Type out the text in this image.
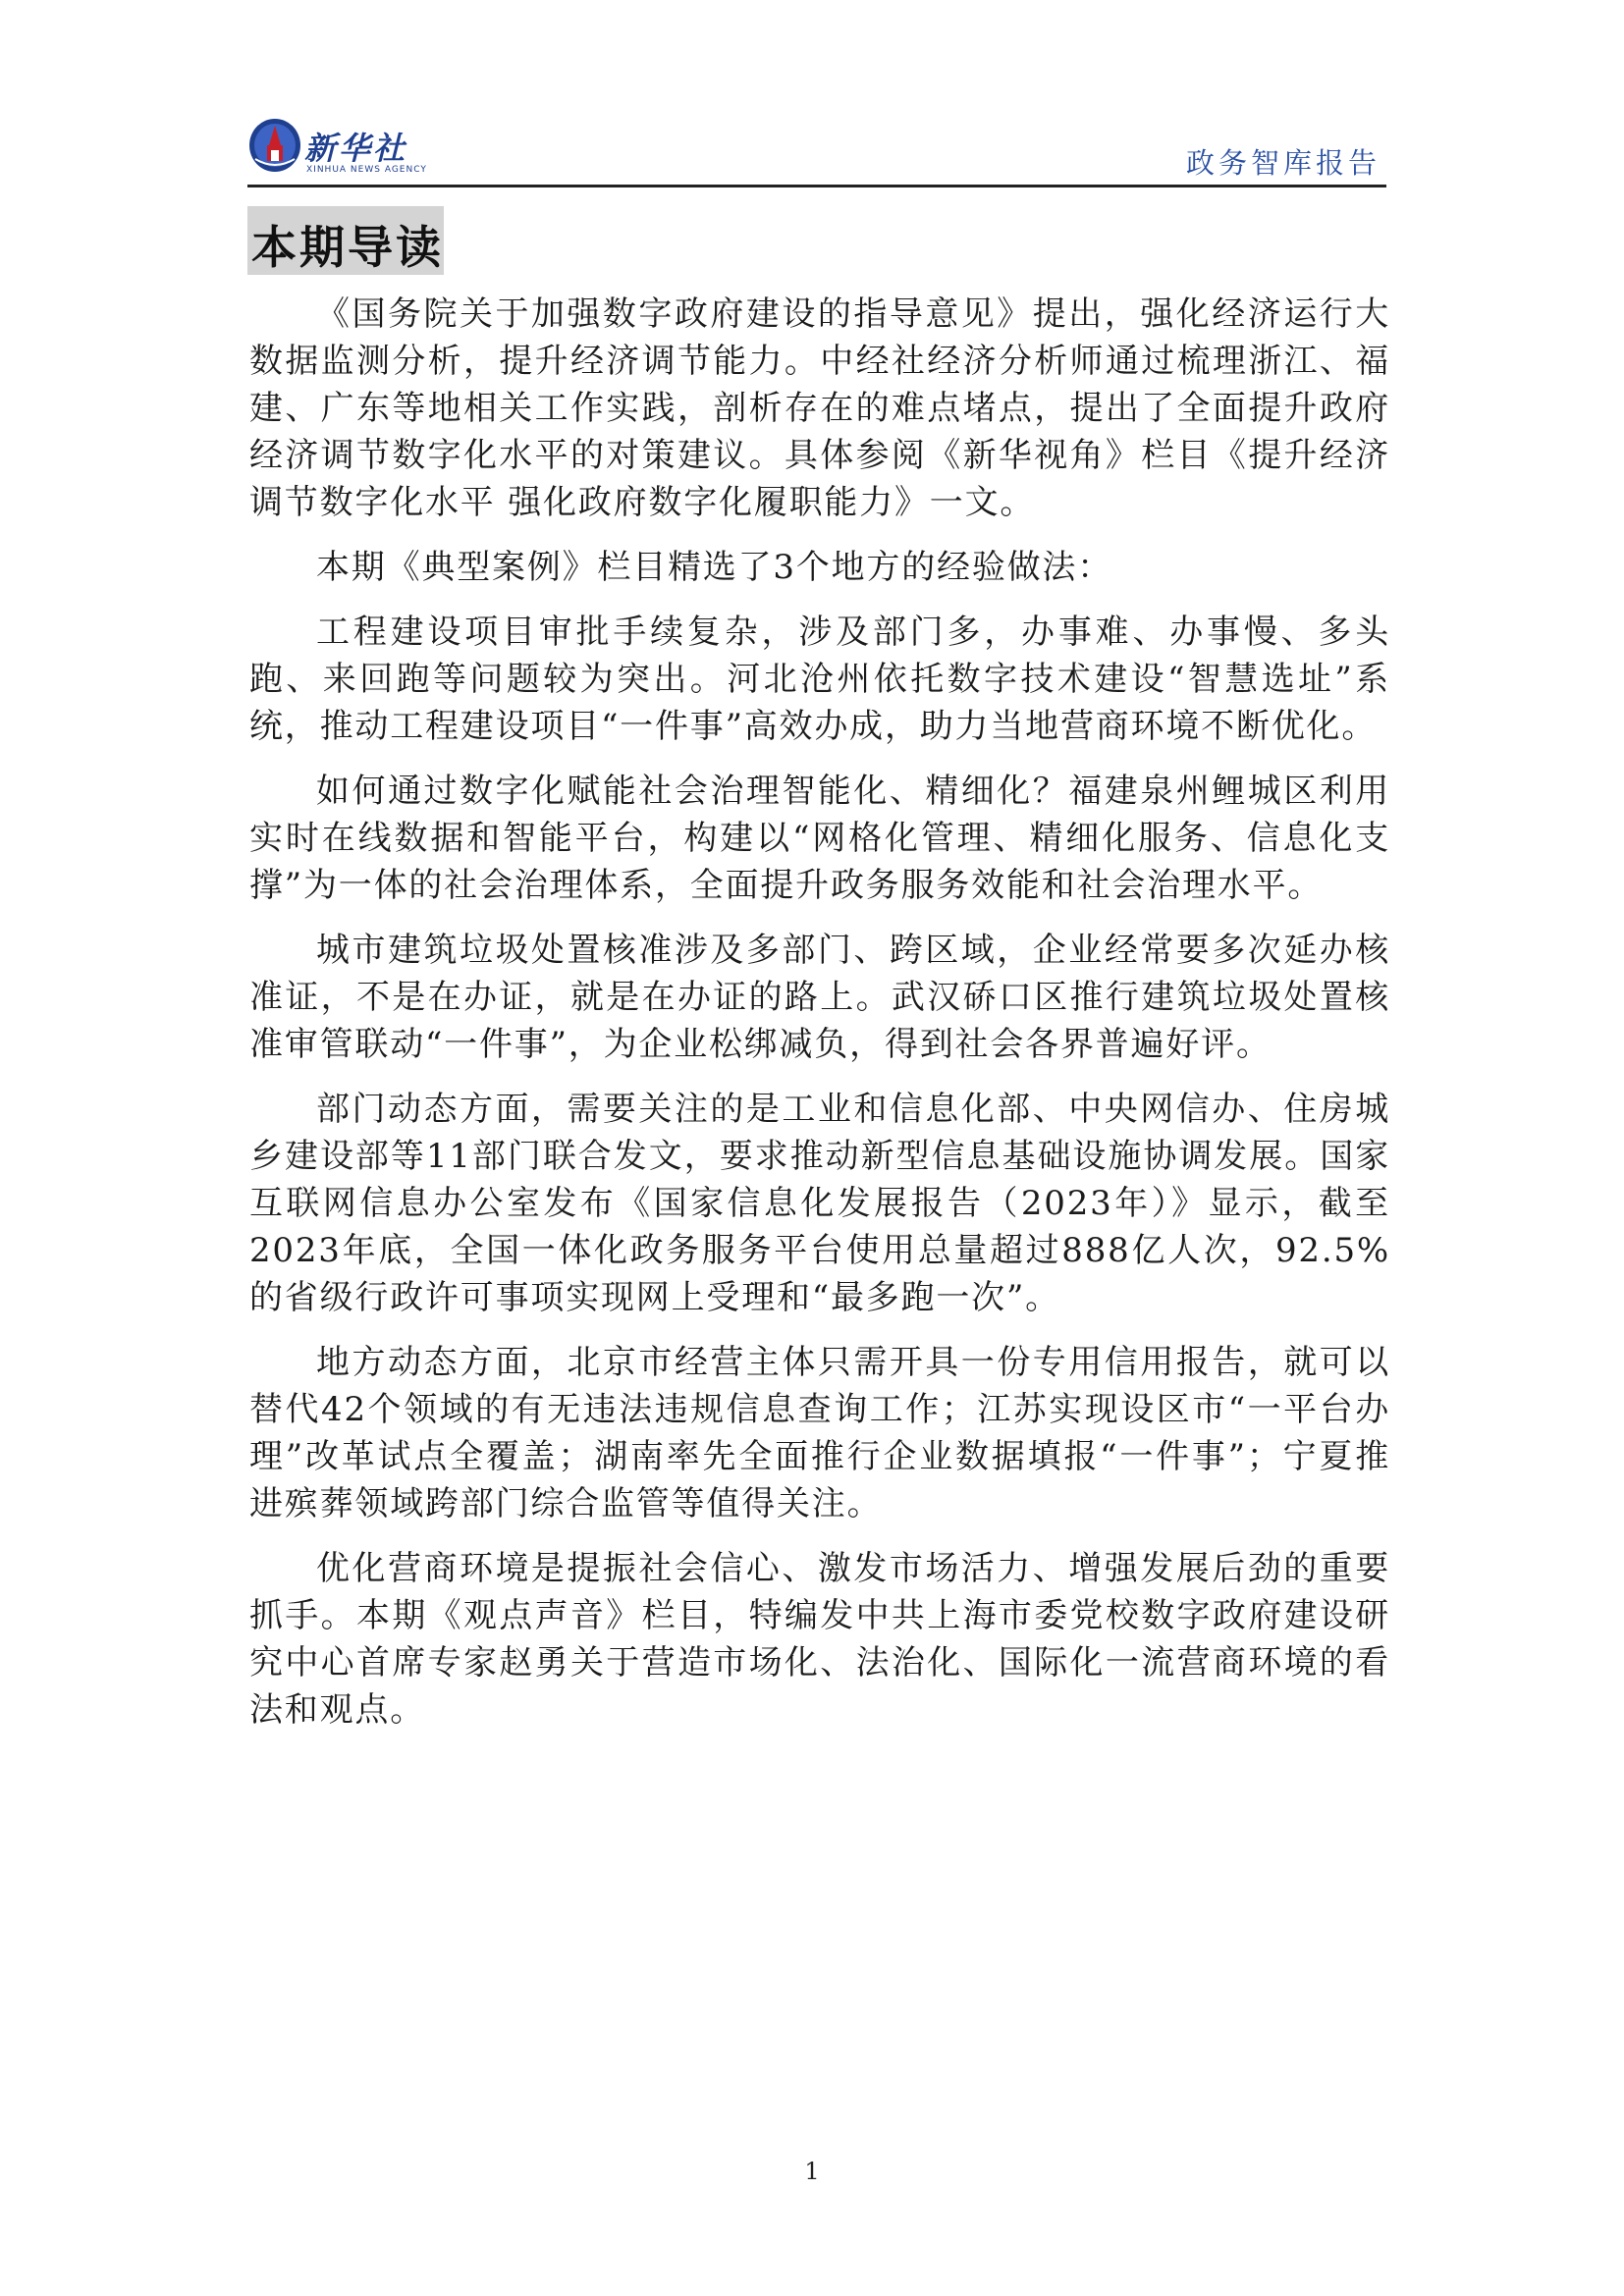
新华社
XINHUA NEWS AGENCY	政务智库报告
本期导读

《国务院关于加强数字政府建设的指导意见》提出，强化经济运行大数据监测分析，提升经济调节能力。中经社经济分析师通过梳理浙江、福建、广东等地相关工作实践，剖析存在的难点堵点，提出了全面提升政府经济调节数字化水平的对策建议。具体参阅《新华视角》栏目《提升经济调节数字化水平 强化政府数字化履职能力》一文。

本期《典型案例》栏目精选了3个地方的经验做法：

工程建设项目审批手续复杂，涉及部门多，办事难、办事慢、多头跑、来回跑等问题较为突出。河北沧州依托数字技术建设“智慧选址”系统，推动工程建设项目“一件事”高效办成，助力当地营商环境不断优化。

如何通过数字化赋能社会治理智能化、精细化？福建泉州鲤城区利用实时在线数据和智能平台，构建以“网格化管理、精细化服务、信息化支撑”为一体的社会治理体系，全面提升政务服务效能和社会治理水平。

城市建筑垃圾处置核准涉及多部门、跨区域，企业经常要多次延办核准证，不是在办证，就是在办证的路上。武汉硚口区推行建筑垃圾处置核准审管联动“一件事”，为企业松绑减负，得到社会各界普遍好评。

部门动态方面，需要关注的是工业和信息化部、中央网信办、住房城乡建设部等11部门联合发文，要求推动新型信息基础设施协调发展。国家互联网信息办公室发布《国家信息化发展报告（2023年）》显示，截至2023年底，全国一体化政务服务平台使用总量超过888亿人次，92.5%的省级行政许可事项实现网上受理和“最多跑一次”。

地方动态方面，北京市经营主体只需开具一份专用信用报告，就可以替代42个领域的有无违法违规信息查询工作；江苏实现设区市“一平台办理”改革试点全覆盖；湖南率先全面推行企业数据填报“一件事”；宁夏推进殡葬领域跨部门综合监管等值得关注。

优化营商环境是提振社会信心、激发市场活力、增强发展后劲的重要抓手。本期《观点声音》栏目，特编发中共上海市委党校数字政府建设研究中心首席专家赵勇关于营造市场化、法治化、国际化一流营商环境的看法和观点。

1
